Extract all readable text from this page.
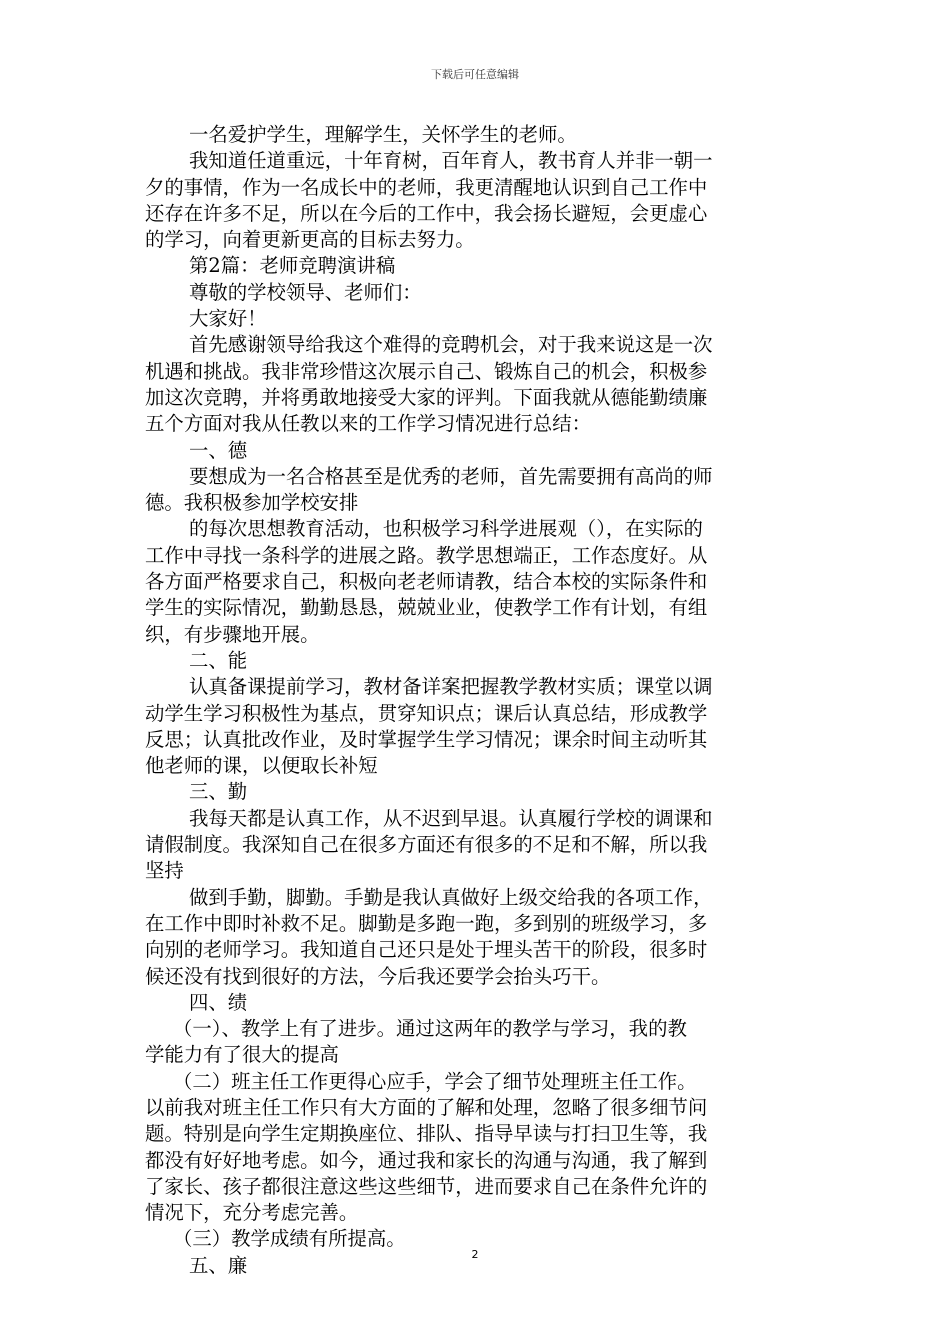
下载后可任意编辑
一名爱护学生，理解学生，关怀学生的老师。
我知道任道重远，十年育树，百年育人，教书育人并非一朝一
夕的事情，作为一名成长中的老师，我更清醒地认识到自己工作中
还存在许多不足，所以在今后的工作中，我会扬长避短，会更虚心
的学习，向着更新更高的目标去努力。
第2篇：老师竞聘演讲稿
尊敬的学校领导、老师们：
大家好！
首先感谢领导给我这个难得的竞聘机会，对于我来说这是一次
机遇和挑战。我非常珍惜这次展示自己、锻炼自己的机会，积极参
加这次竞聘，并将勇敢地接受大家的评判。下面我就从德能勤绩廉
五个方面对我从任教以来的工作学习情况进行总结：
一、德
要想成为一名合格甚至是优秀的老师，首先需要拥有高尚的师
德。我积极参加学校安排
的每次思想教育活动，也积极学习科学进展观（），在实际的
工作中寻找一条科学的进展之路。教学思想端正，工作态度好。从
各方面严格要求自己，积极向老老师请教，结合本校的实际条件和
学生的实际情况，勤勤恳恳，兢兢业业，使教学工作有计划，有组
织，有步骤地开展。
二、能
认真备课提前学习，教材备详案把握教学教材实质；课堂以调
动学生学习积极性为基点，贯穿知识点；课后认真总结，形成教学
反思；认真批改作业，及时掌握学生学习情况；课余时间主动听其
他老师的课，以便取长补短
三、勤
我每天都是认真工作，从不迟到早退。认真履行学校的调课和
请假制度。我深知自己在很多方面还有很多的不足和不解，所以我
坚持
做到手勤，脚勤。手勤是我认真做好上级交给我的各项工作，
在工作中即时补救不足。脚勤是多跑一跑，多到别的班级学习，多
向别的老师学习。我知道自己还只是处于埋头苦干的阶段，很多时
候还没有找到很好的方法，今后我还要学会抬头巧干。
四、绩
（一）、教学上有了进步。通过这两年的教学与学习，我的教
学能力有了很大的提高
（二）班主任工作更得心应手，学会了细节处理班主任工作。
以前我对班主任工作只有大方面的了解和处理，忽略了很多细节问
题。特别是向学生定期换座位、排队、指导早读与打扫卫生等，我
都没有好好地考虑。如今，通过我和家长的沟通与沟通，我了解到
了家长、孩子都很注意这些这些细节，进而要求自己在条件允许的
情况下，充分考虑完善。
（三）教学成绩有所提高。
五、廉	2
